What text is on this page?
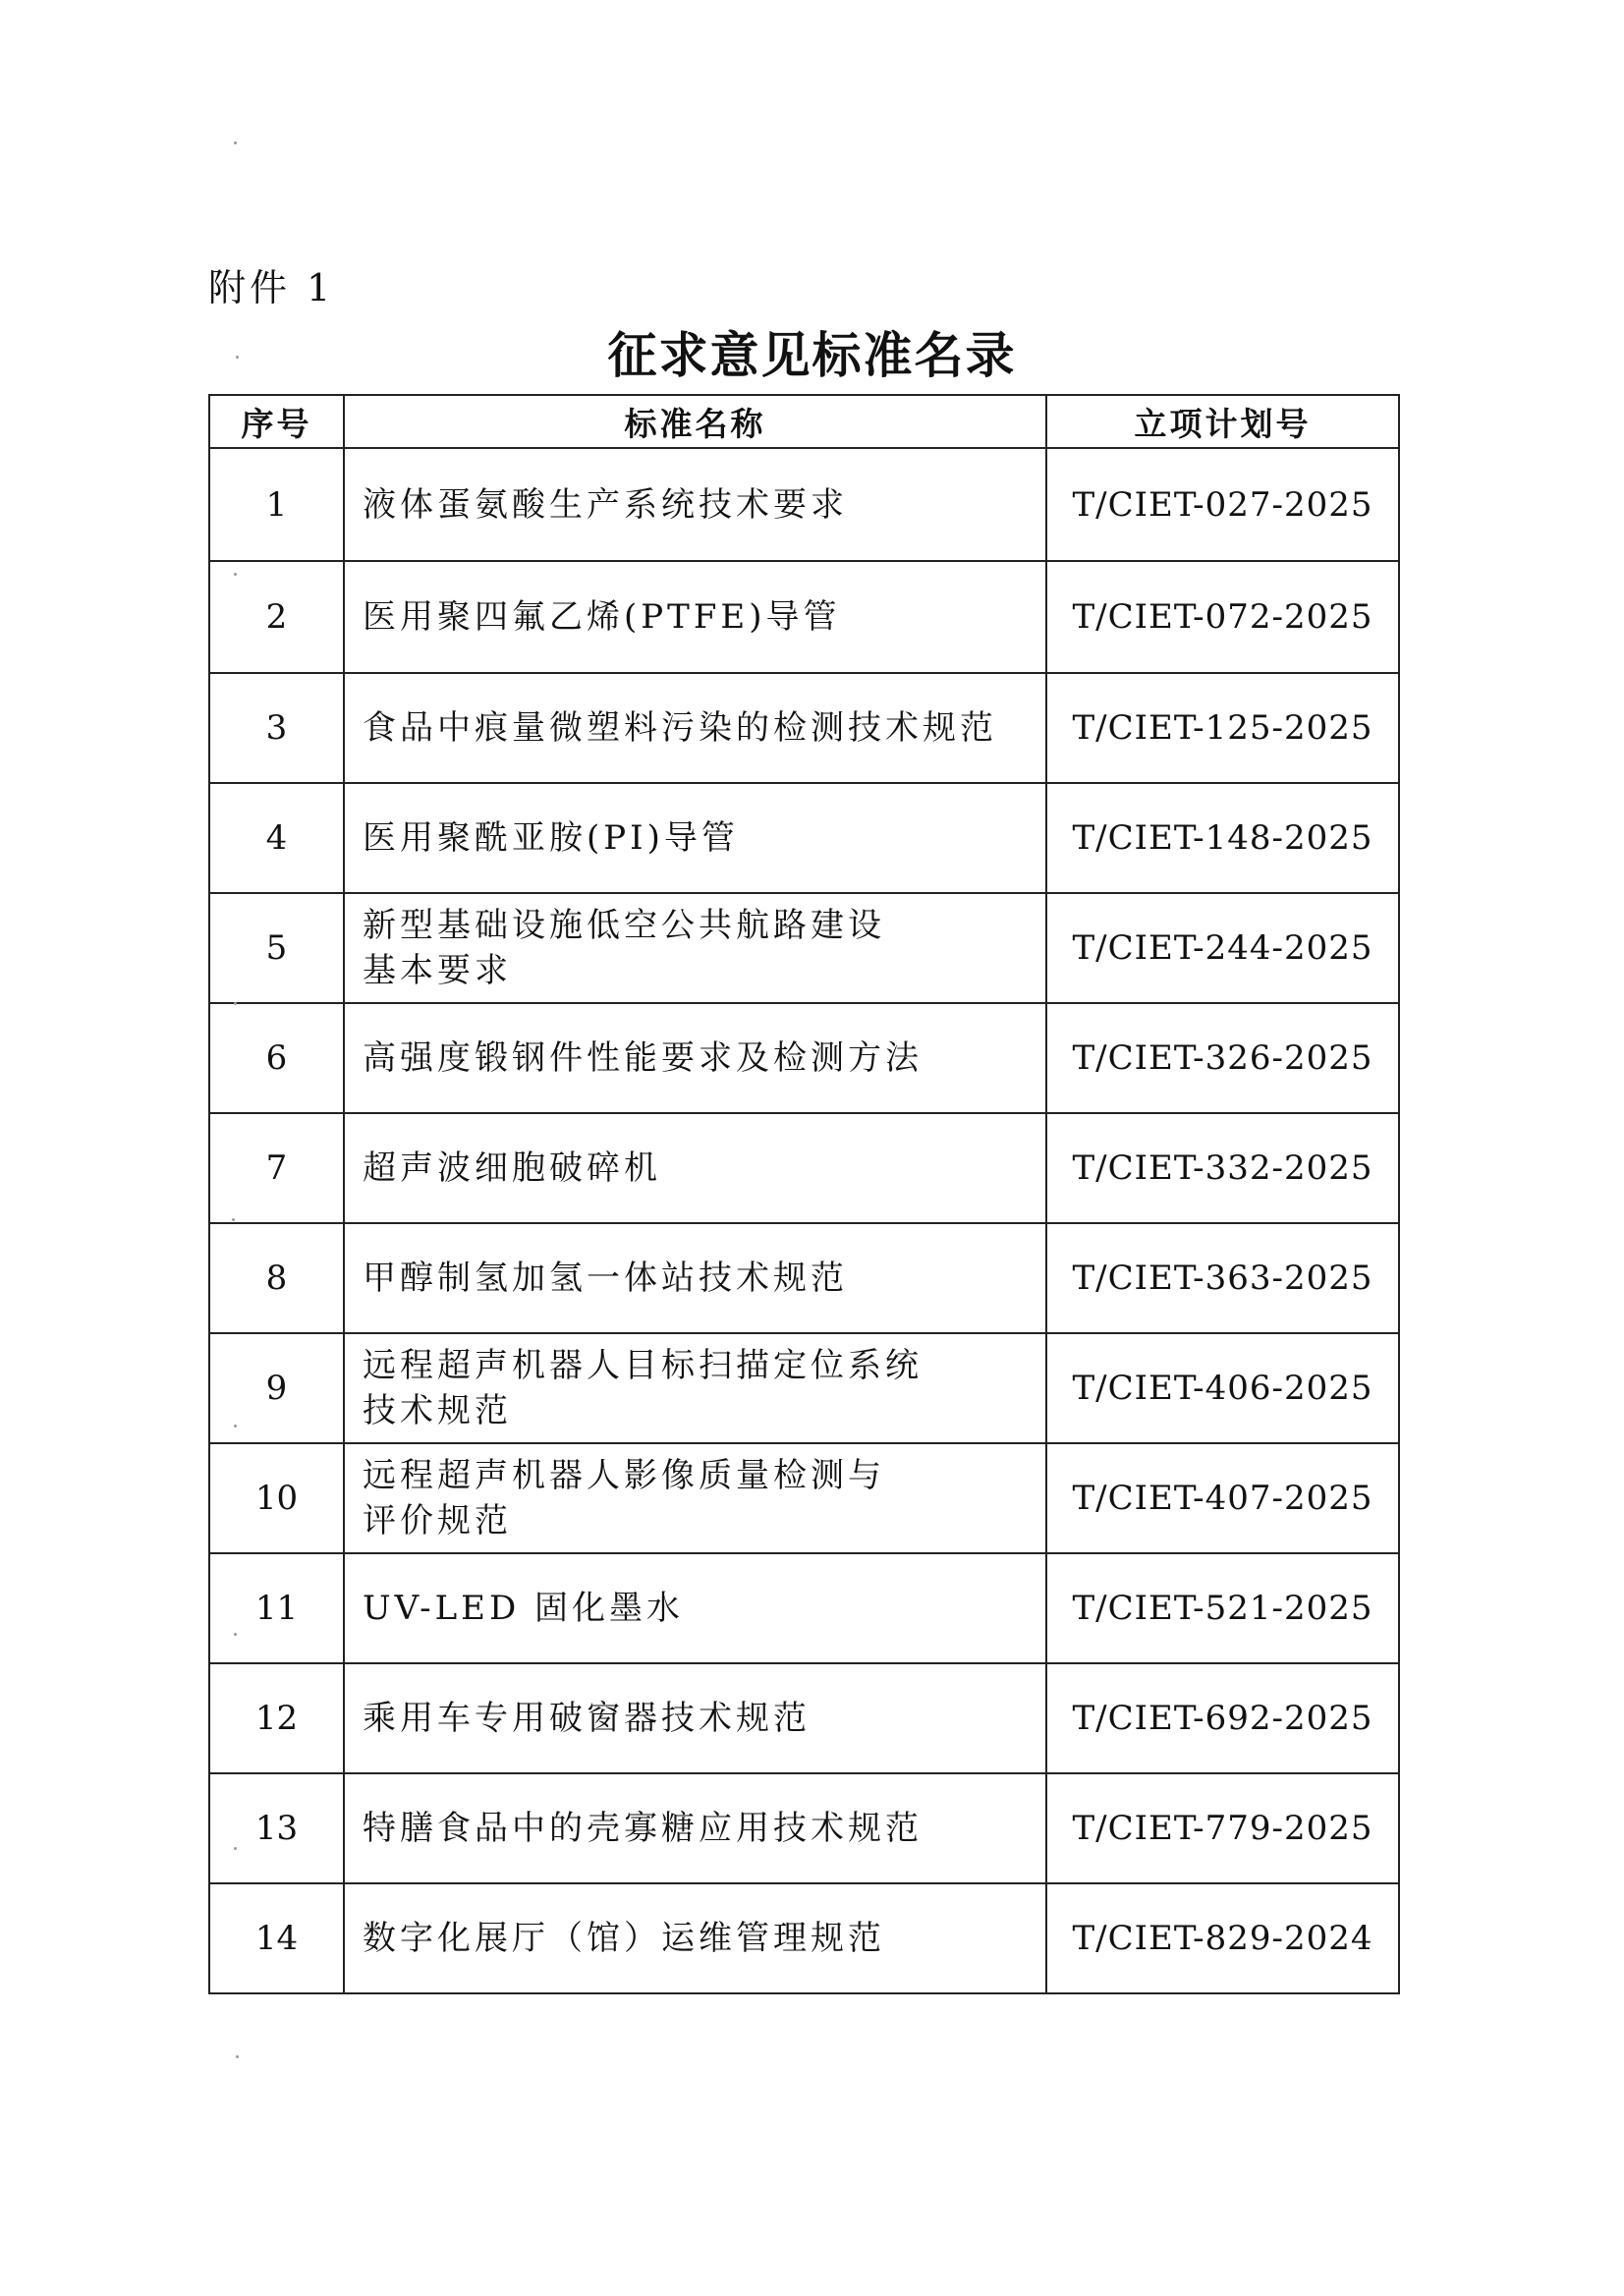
附件 1
征求意见标准名录
序号	标准名称	立项计划号
1	液体蛋氨酸生产系统技术要求	T/CIET-027-2025
2	医用聚四氟乙烯(PTFE)导管	T/CIET-072-2025
3	食品中痕量微塑料污染的检测技术规范	T/CIET-125-2025
4	医用聚酰亚胺(PI)导管	T/CIET-148-2025
5	新型基础设施低空公共航路建设
基本要求	T/CIET-244-2025
6	高强度锻钢件性能要求及检测方法	T/CIET-326-2025
7	超声波细胞破碎机	T/CIET-332-2025
8	甲醇制氢加氢一体站技术规范	T/CIET-363-2025
9	远程超声机器人目标扫描定位系统
技术规范	T/CIET-406-2025
10	远程超声机器人影像质量检测与
评价规范	T/CIET-407-2025
11	UV-LED 固化墨水	T/CIET-521-2025
12	乘用车专用破窗器技术规范	T/CIET-692-2025
13	特膳食品中的壳寡糖应用技术规范	T/CIET-779-2025
14	数字化展厅（馆）运维管理规范	T/CIET-829-2024
